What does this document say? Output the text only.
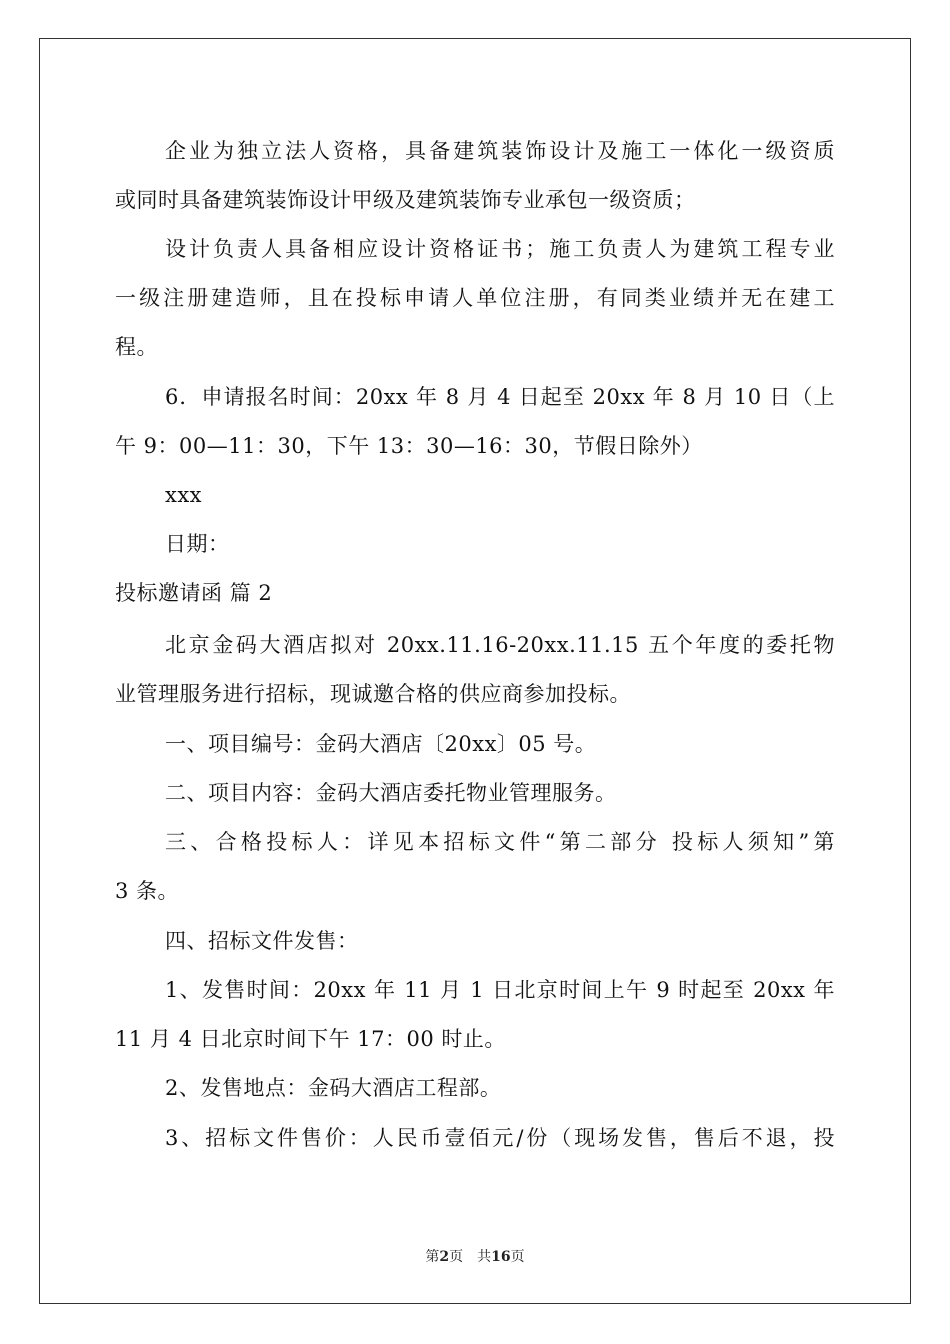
企业为独立法人资格，具备建筑装饰设计及施工一体化一级资质
或同时具备建筑装饰设计甲级及建筑装饰专业承包一级资质；
设计负责人具备相应设计资格证书；施工负责人为建筑工程专业
一级注册建造师，且在投标申请人单位注册，有同类业绩并无在建工
程。
6．申请报名时间：20xx 年 8 月 4 日起至 20xx 年 8 月 10 日（上
午 9：00—11：30，下午 13：30—16：30，节假日除外）
xxx
日期：
投标邀请函 篇 2
北京金码大酒店拟对 20xx.11.16-20xx.11.15 五个年度的委托物
业管理服务进行招标，现诚邀合格的供应商参加投标。
一、项目编号：金码大酒店〔20xx〕05 号。
二、项目内容：金码大酒店委托物业管理服务。
三、合格投标人：详见本招标文件“第二部分 投标人须知”第
3 条。
四、招标文件发售：
1、发售时间：20xx 年 11 月 1 日北京时间上午 9 时起至 20xx 年
11 月 4 日北京时间下午 17：00 时止。
2、发售地点：金码大酒店工程部。
3、招标文件售价：人民币壹佰元/份（现场发售，售后不退，投
第2页 共16页
